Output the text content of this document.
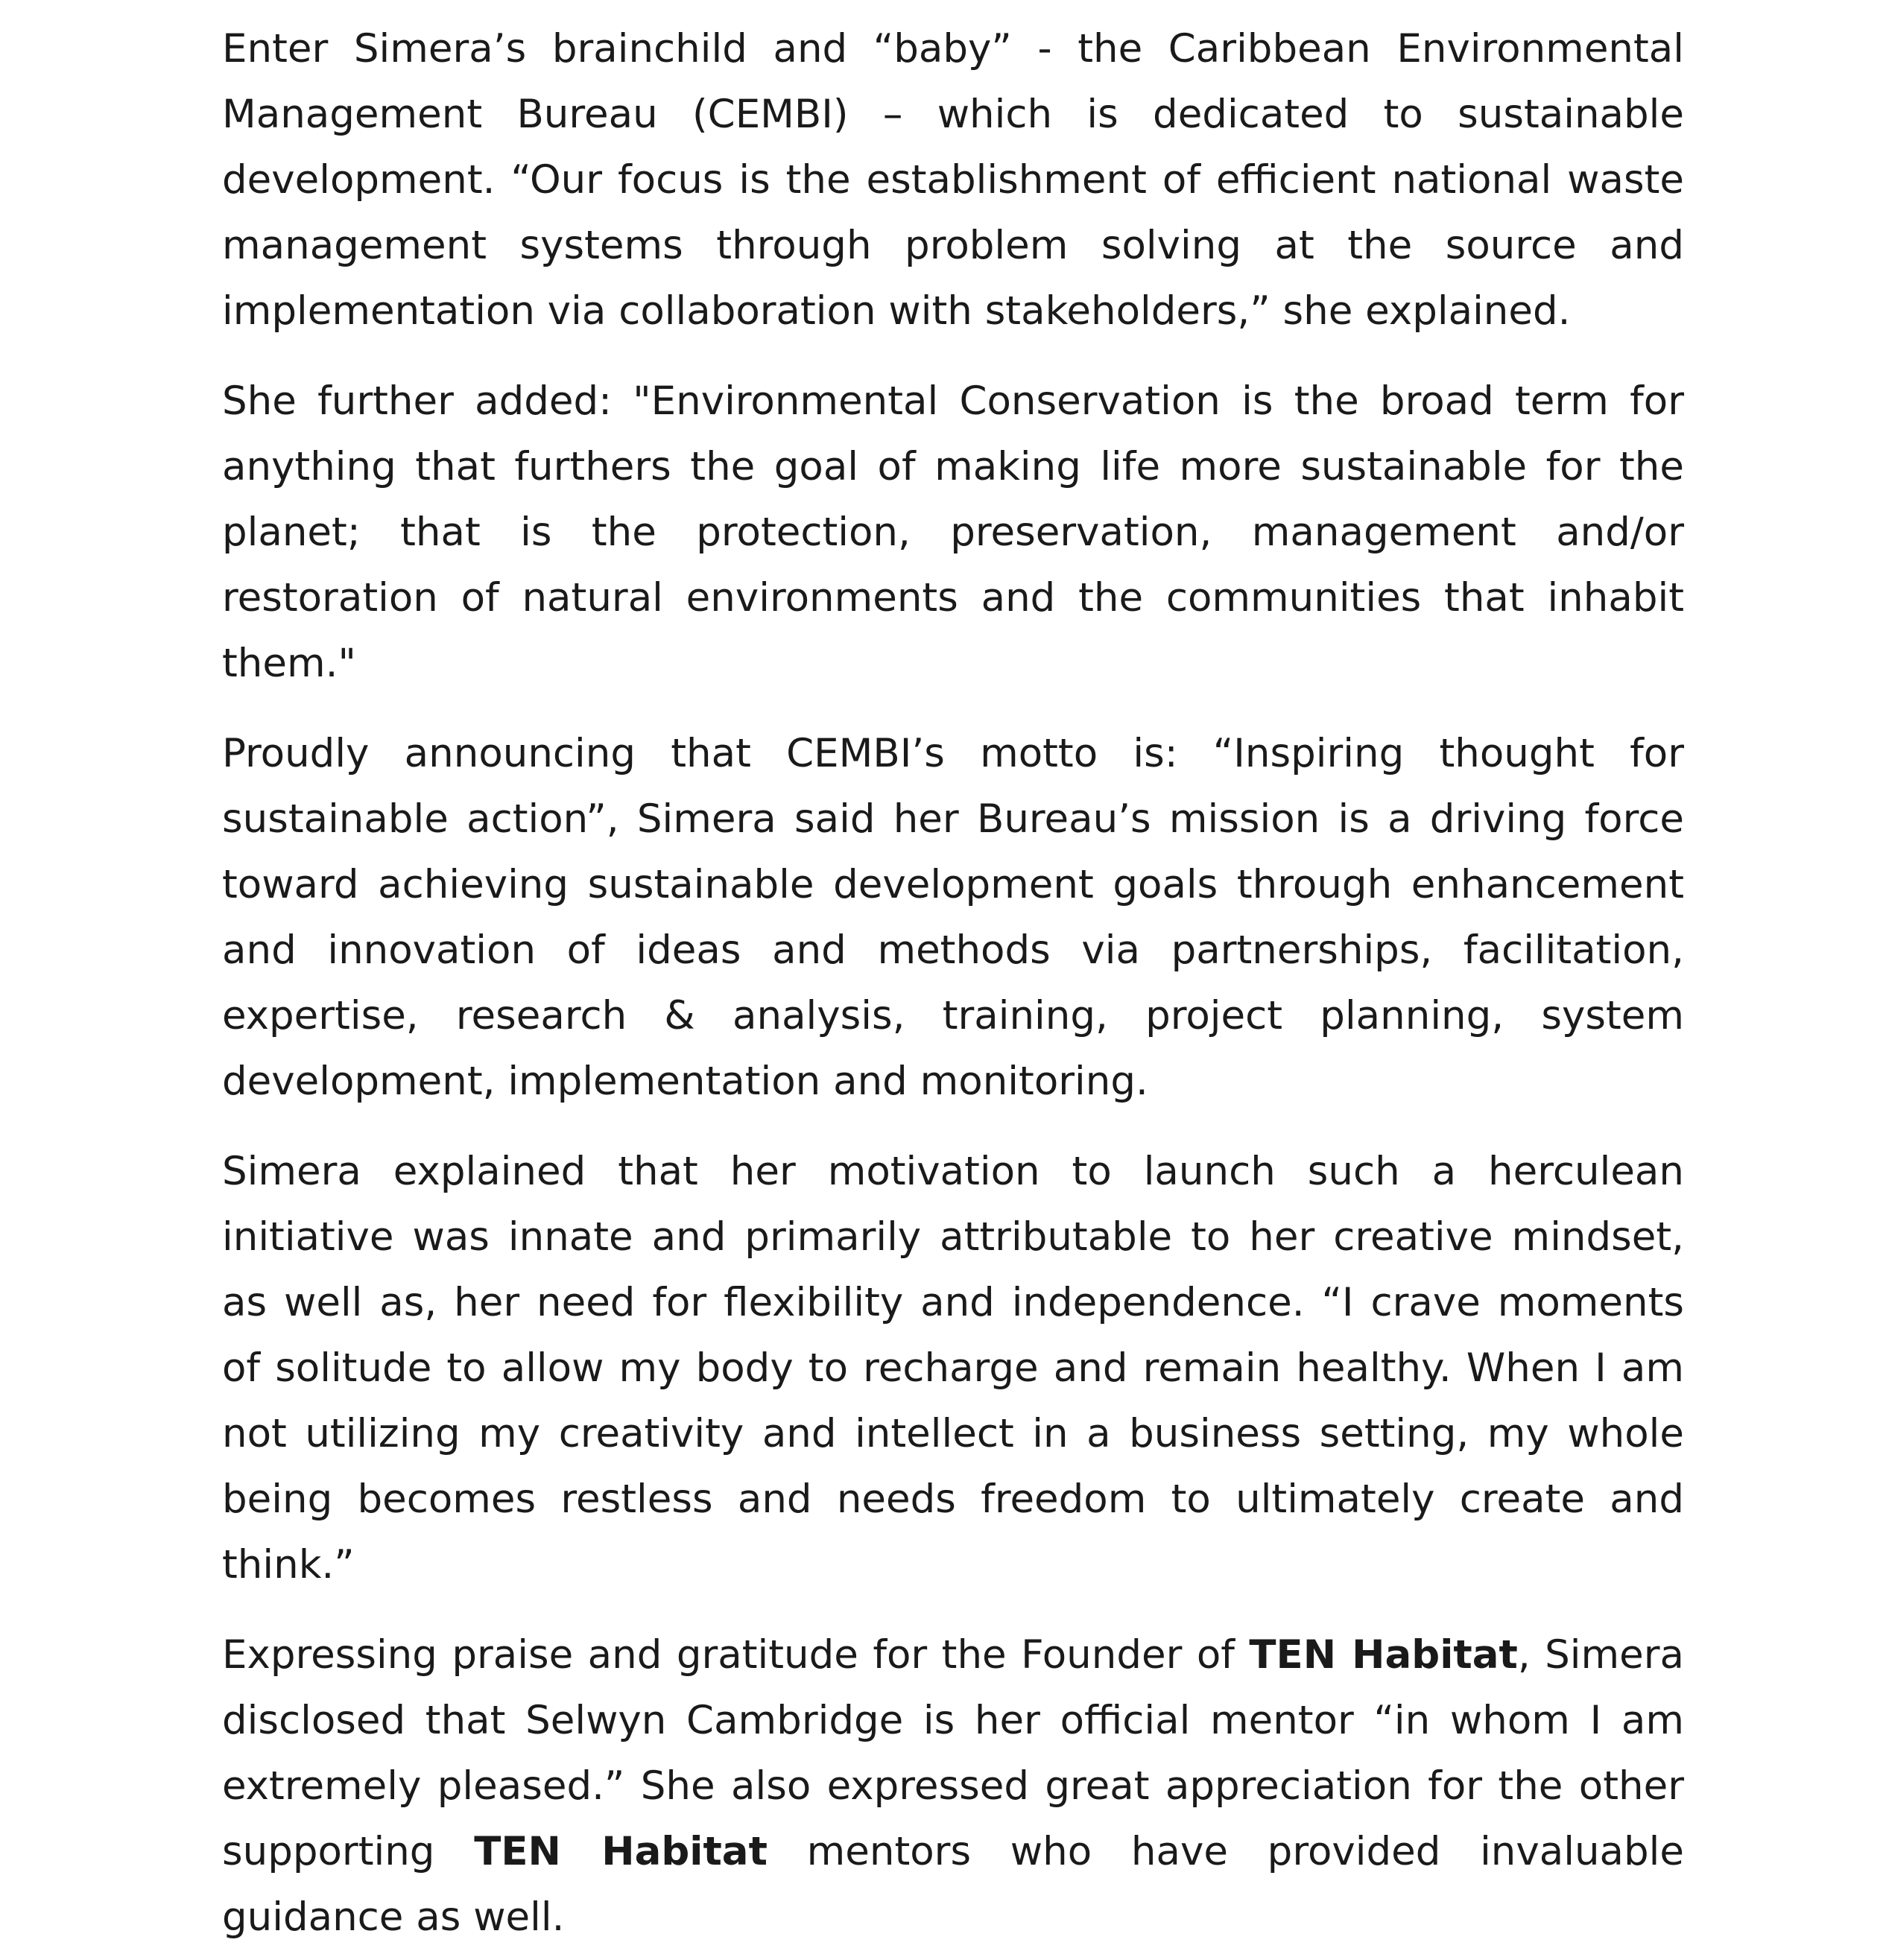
Enter Simera’s brainchild and “baby” - the Caribbean Environmental Management Bureau (CEMBI) – which is dedicated to sustainable development. “Our focus is the establishment of efficient national waste management systems through problem solving at the source and implementation via collaboration with stakeholders,” she explained.

She further added: "Environmental Conservation is the broad term for anything that furthers the goal of making life more sustainable for the planet; that is the protection, preservation, management and/or restoration of natural environments and the communities that inhabit them."

Proudly announcing that CEMBI’s motto is: “Inspiring thought for sustainable action”, Simera said her Bureau’s mission is a driving force toward achieving sustainable development goals through enhancement and innovation of ideas and methods via partnerships, facilitation, expertise, research & analysis, training, project planning, system development, implementation and monitoring.

Simera explained that her motivation to launch such a herculean initiative was innate and primarily attributable to her creative mindset, as well as, her need for flexibility and independence. “I crave moments of solitude to allow my body to recharge and remain healthy. When I am not utilizing my creativity and intellect in a business setting, my whole being becomes restless and needs freedom to ultimately create and think.”

Expressing praise and gratitude for the Founder of TEN Habitat, Simera disclosed that Selwyn Cambridge is her official mentor “in whom I am extremely pleased.” She also expressed great appreciation for the other supporting TEN Habitat mentors who have provided invaluable guidance as well.
